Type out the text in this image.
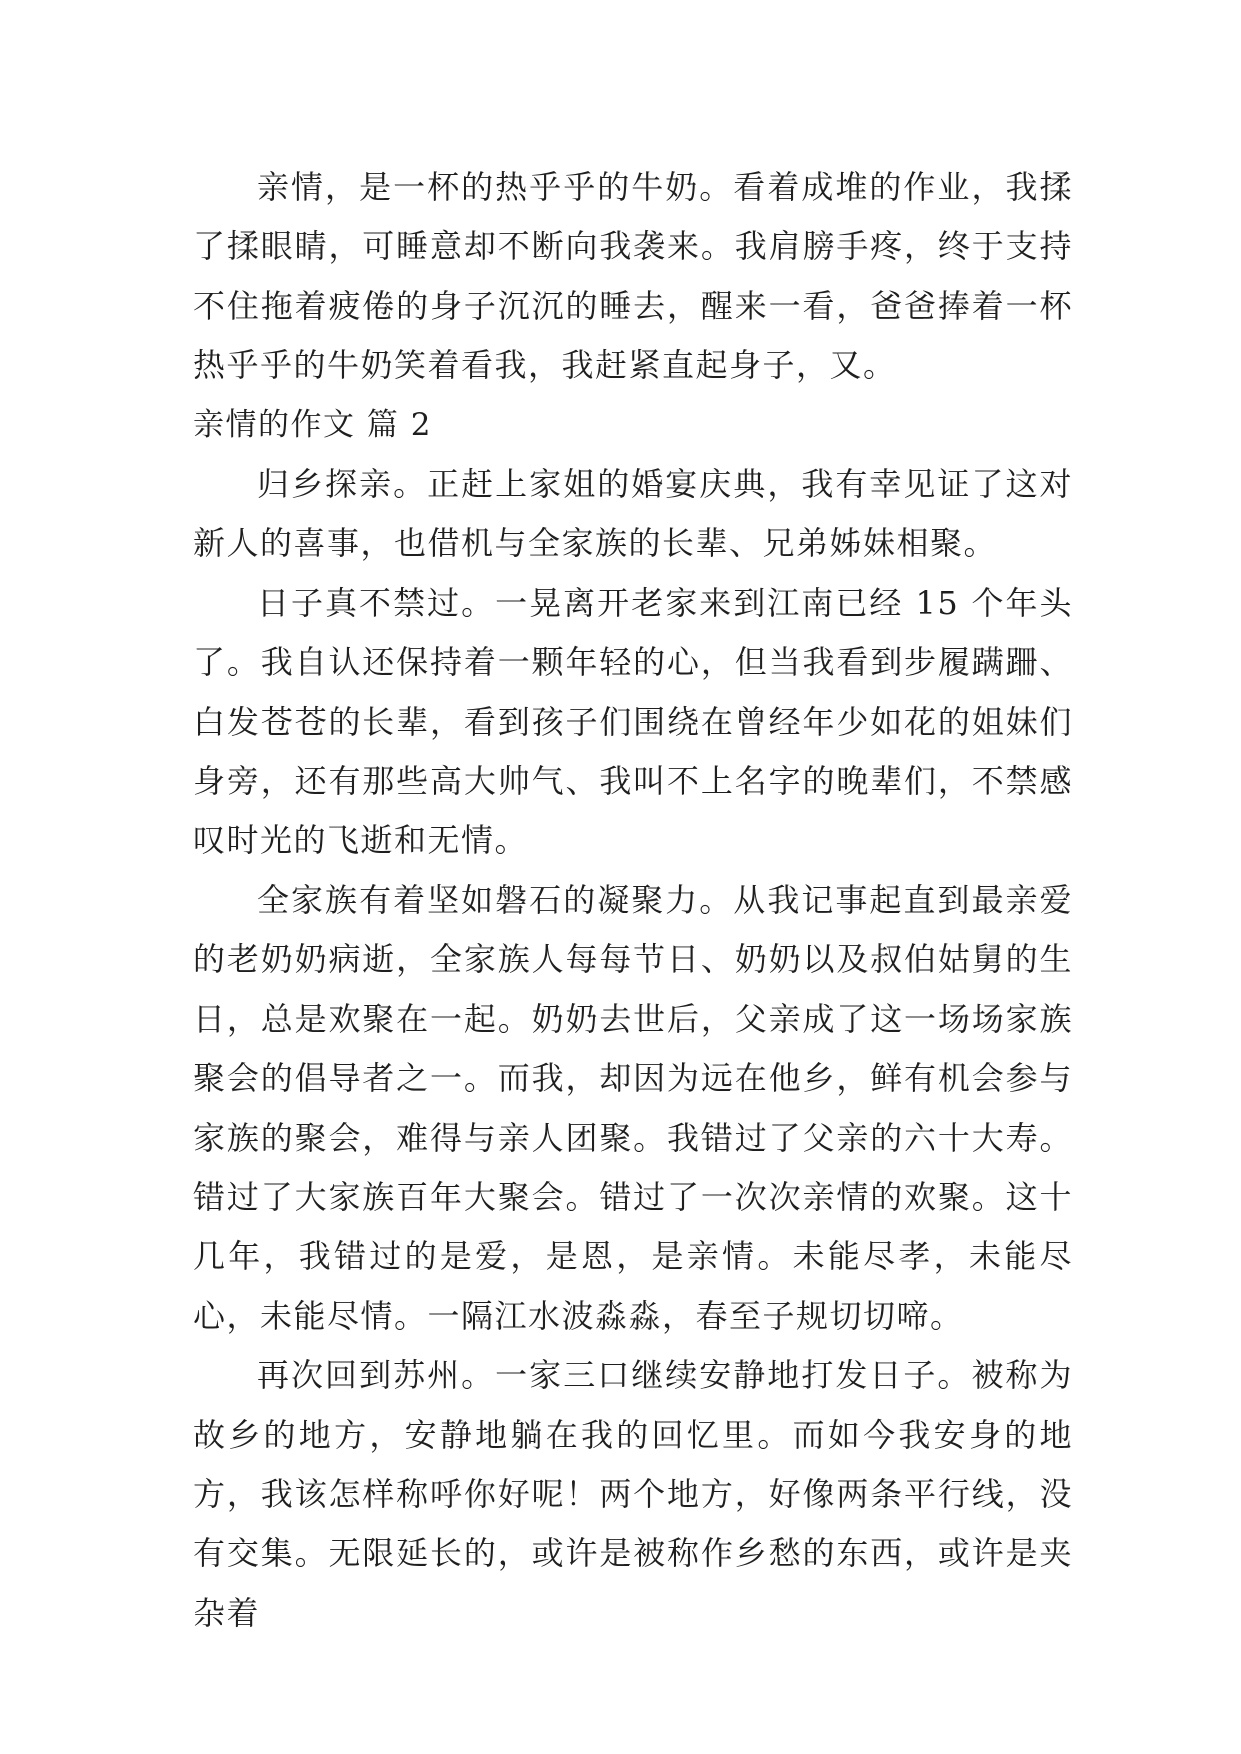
亲情，是一杯的热乎乎的牛奶。看着成堆的作业，我揉了揉眼睛，可睡意却不断向我袭来。我肩膀手疼，终于支持不住拖着疲倦的身子沉沉的睡去，醒来一看，爸爸捧着一杯热乎乎的牛奶笑着看我，我赶紧直起身子，又。

亲情的作文 篇 2

归乡探亲。正赶上家姐的婚宴庆典，我有幸见证了这对新人的喜事，也借机与全家族的长辈、兄弟姊妹相聚。

日子真不禁过。一晃离开老家来到江南已经 15 个年头了。我自认还保持着一颗年轻的心，但当我看到步履蹒跚、白发苍苍的长辈，看到孩子们围绕在曾经年少如花的姐妹们身旁，还有那些高大帅气、我叫不上名字的晚辈们，不禁感叹时光的飞逝和无情。

全家族有着坚如磐石的凝聚力。从我记事起直到最亲爱的老奶奶病逝，全家族人每每节日、奶奶以及叔伯姑舅的生日，总是欢聚在一起。奶奶去世后，父亲成了这一场场家族聚会的倡导者之一。而我，却因为远在他乡，鲜有机会参与家族的聚会，难得与亲人团聚。我错过了父亲的六十大寿。错过了大家族百年大聚会。错过了一次次亲情的欢聚。这十几年，我错过的是爱，是恩，是亲情。未能尽孝，未能尽心，未能尽情。一隔江水波淼淼，春至子规切切啼。

再次回到苏州。一家三口继续安静地打发日子。被称为故乡的地方，安静地躺在我的回忆里。而如今我安身的地方，我该怎样称呼你好呢！两个地方，好像两条平行线，没有交集。无限延长的，或许是被称作乡愁的东西，或许是夹杂着
